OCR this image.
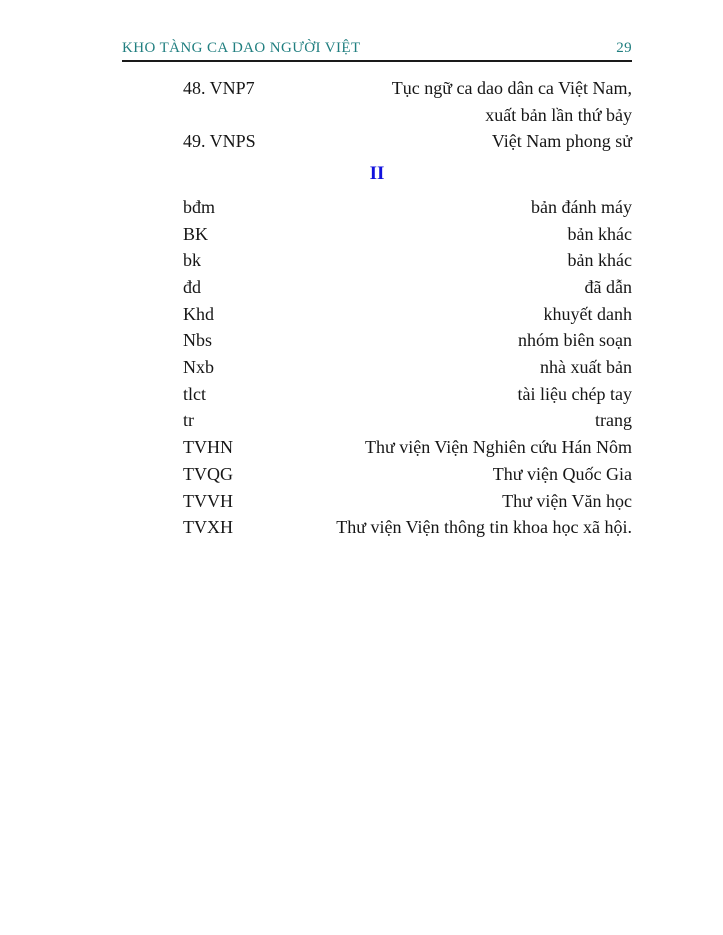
KHO TÀNG CA DAO NGƯỜI VIỆT	29
48. VNP7	Tục ngữ ca dao dân ca Việt Nam,
xuất bản lần thứ bảy
49. VNPS	Việt Nam phong sử
II
bđm	bản đánh máy
BK	bản khác
bk	bản khác
đd	đã dẫn
Khd	khuyết danh
Nbs	nhóm biên soạn
Nxb	nhà xuất bản
tlct	tài liệu chép tay
tr	trang
TVHN	Thư viện Viện Nghiên cứu Hán Nôm
TVQG	Thư viện Quốc Gia
TVVH	Thư viện Văn học
TVXH	Thư viện Viện thông tin khoa học xã hội.
